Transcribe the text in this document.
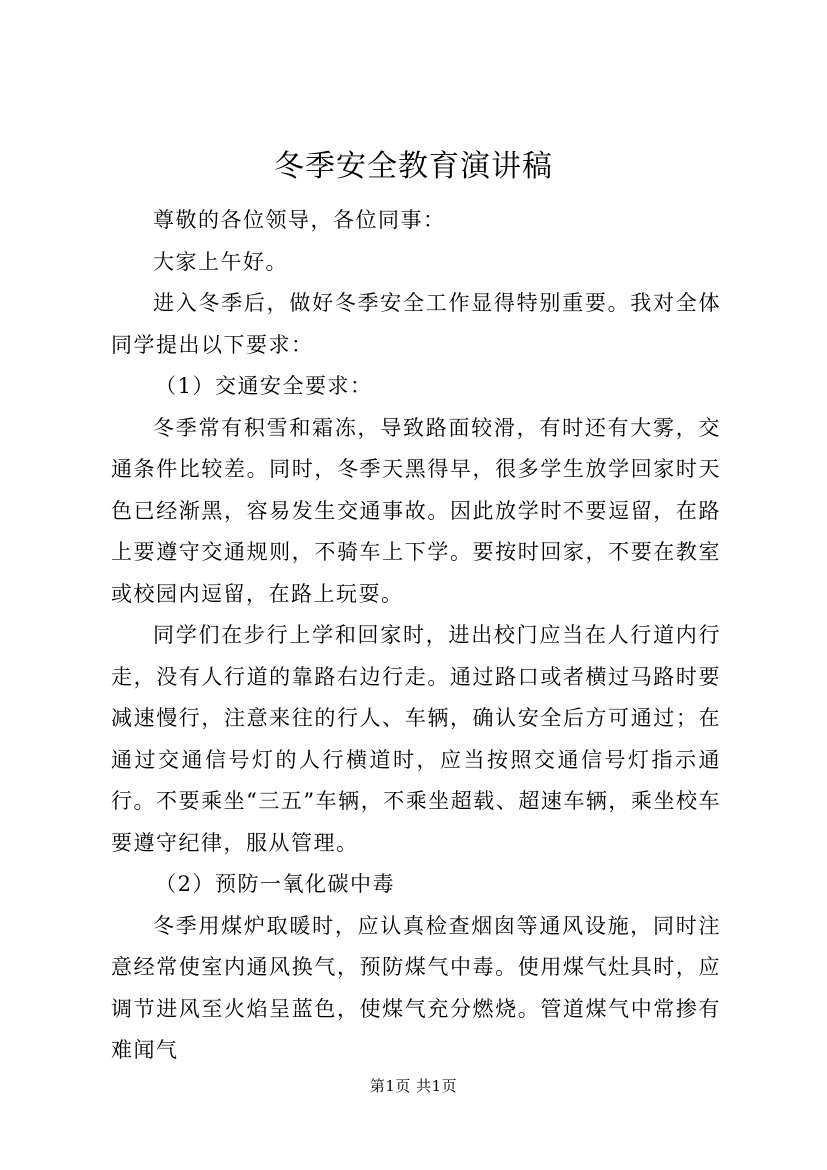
冬季安全教育演讲稿

尊敬的各位领导，各位同事：

大家上午好。

进入冬季后，做好冬季安全工作显得特别重要。我对全体同学提出以下要求：

（1）交通安全要求：

冬季常有积雪和霜冻，导致路面较滑，有时还有大雾，交通条件比较差。同时，冬季天黑得早，很多学生放学回家时天色已经渐黑，容易发生交通事故。因此放学时不要逗留，在路上要遵守交通规则，不骑车上下学。要按时回家，不要在教室或校园内逗留，在路上玩耍。

同学们在步行上学和回家时，进出校门应当在人行道内行走，没有人行道的靠路右边行走。通过路口或者横过马路时要减速慢行，注意来往的行人、车辆，确认安全后方可通过；在通过交通信号灯的人行横道时，应当按照交通信号灯指示通行。不要乘坐“三五”车辆，不乘坐超载、超速车辆，乘坐校车要遵守纪律，服从管理。

（2）预防一氧化碳中毒

冬季用煤炉取暖时，应认真检查烟囱等通风设施，同时注意经常使室内通风换气，预防煤气中毒。使用煤气灶具时，应调节进风至火焰呈蓝色，使煤气充分燃烧。管道煤气中常掺有难闻气

第1页 共1页
